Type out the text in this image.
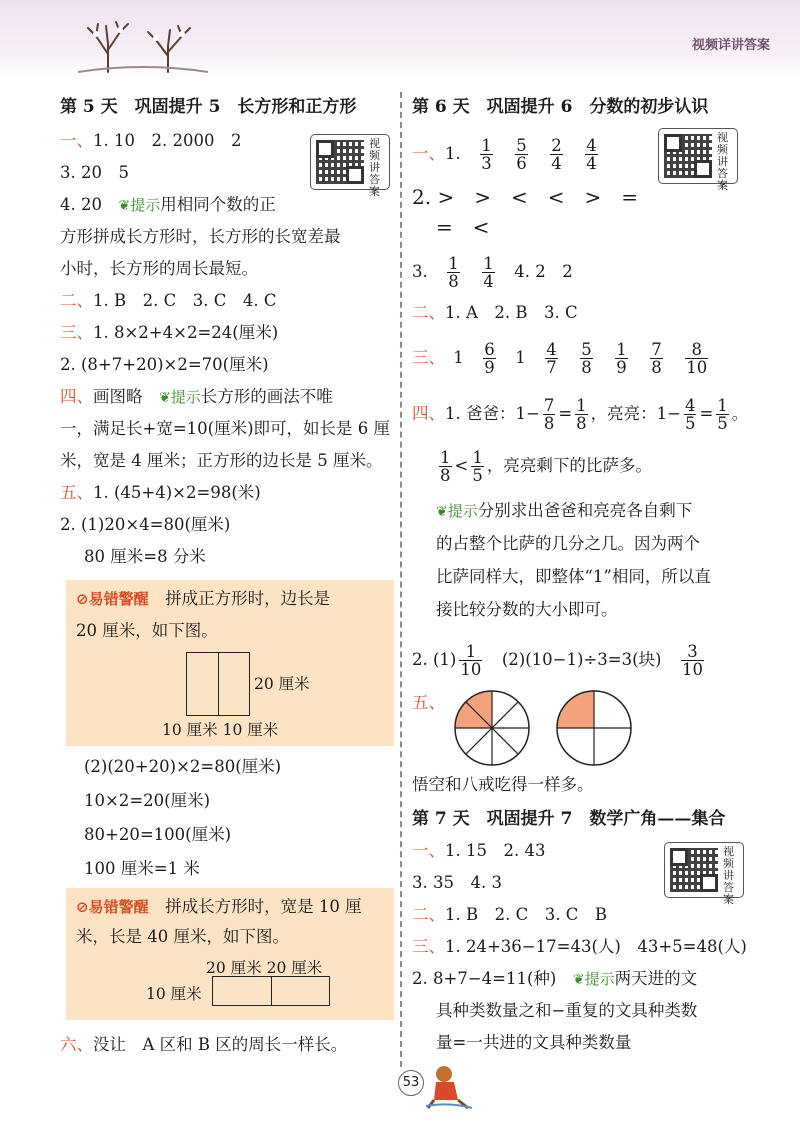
视频详讲答案
第 5 天　巩固提升 5　长方形和正方形
视频讲答案
一、1. 10　2. 2000　2
3. 20　5
4. 20　 ❦提示用相同个数的正
方形拼成长方形时，长方形的长宽差最
小时，长方形的周长最短。
二、1. B　2. C　3. C　4. C
三、1. 8×2+4×2=24(厘米)
2. (8+7+20)×2=70(厘米)
四、画图略　 ❦提示长方形的画法不唯
一，满足长+宽=10(厘米)即可，如长是 6 厘
米，宽是 4 厘米；正方形的边长是 5 厘米。
五、1. (45+4)×2=98(米)
2. (1)20×4=80(厘米)
80 厘米=8 分米
⊘易错警醒　 拼成正方形时，边长是
20 厘米，如下图。
20 厘米
10 厘米 10 厘米
(2)(20+20)×2=80(厘米)
10×2=20(厘米)
80+20=100(厘米)
100 厘米=1 米
⊘易错警醒　 拼成长方形时，宽是 10 厘
米，长是 40 厘米，如下图。
20 厘米 20 厘米
10 厘米
六、没让　A 区和 B 区的周长一样长。
第 6 天　巩固提升 6　分数的初步认识
视频讲答案
一、1.　 $\frac{1}{3}$
　 $\frac{5}{6}$
　 $\frac{2}{4}$
　 $\frac{4}{4}$
2. >　>　<　<　>　=
=　<
3.　 $\frac{1}{8}$
　 $\frac{1}{4}$
　 4. 2　2
二、1. A　2. B　3. C
三、　 1　 $\frac{6}{9}$
　 1　 $\frac{4}{7}$
　 $\frac{5}{8}$
　 $\frac{1}{9}$
　 $\frac{7}{8}$
　 $\frac{8}{10}$
四、1. 爸爸：$1- \frac{7}{8} = \frac{1}{8}$ ，亮亮：$1- \frac{4}{5} = \frac{1}{5}$ 。
$\frac{1}{8} < \frac{1}{5}$ ，亮亮剩下的比萨多。
❦提示分别求出爸爸和亮亮各自剩下
的占整个比萨的几分之几。因为两个
比萨同样大，即整体“1”相同，所以直
接比较分数的大小即可。
2. $(1) \frac{1}{10}$
　 (2)(10−1)÷3=3(块)　 $\frac{3}{10}$
五、
悟空和八戒吃得一样多。
第 7 天　巩固提升 7　数学广角——集合
视频讲答案
一、1. 15　2. 43
3. 35　4. 3
二、1. B　2. C　3. C　B
三、1. 24+36−17=43(人)　43+5=48(人)
2. 8+7−4=11(种)　 ❦提示两天进的文
具种类数量之和−重复的文具种类数
量=一共进的文具种类数量
53
